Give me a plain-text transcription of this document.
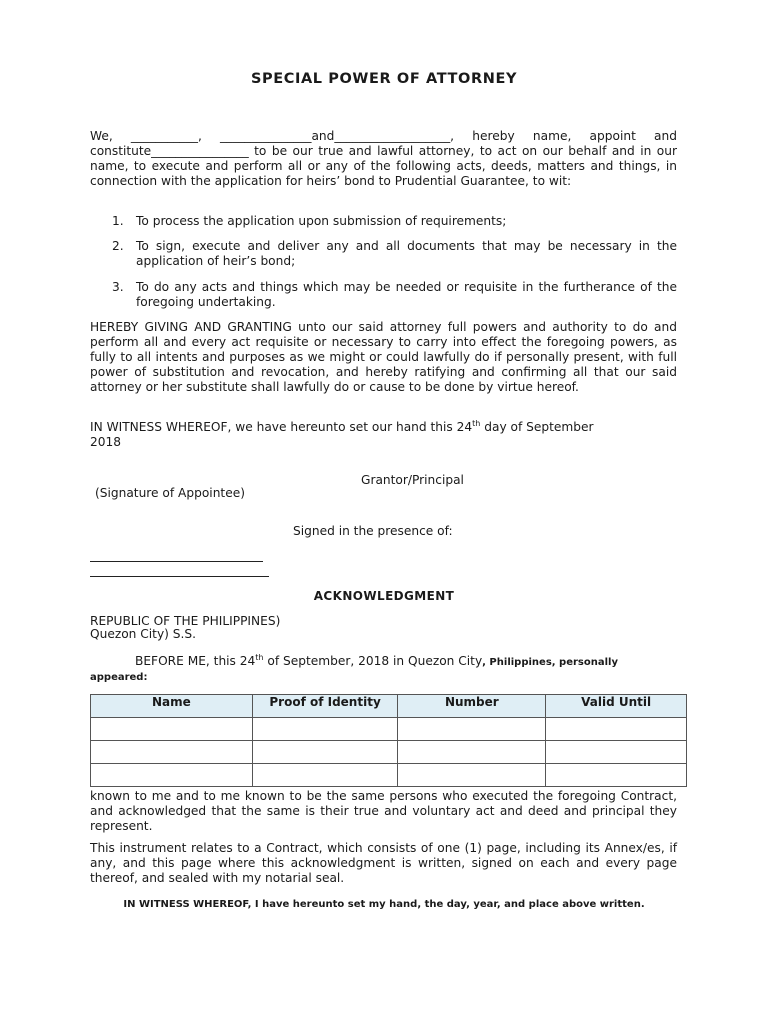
SPECIAL POWER OF ATTORNEY
We, ___________, _______________and___________________, hereby name, appoint and constitute________________ to be our true and lawful attorney, to act on our behalf and in our name, to execute and perform all or any of the following acts, deeds, matters and things, in connection with the application for heirs’ bond to Prudential Guarantee, to wit:
1. To process the application upon submission of requirements;
2. To sign, execute and deliver any and all documents that may be necessary in the application of heir’s bond;
3. To do any acts and things which may be needed or requisite in the furtherance of the foregoing undertaking.
HEREBY GIVING AND GRANTING unto our said attorney full powers and authority to do and perform all and every act requisite or necessary to carry into effect the foregoing powers, as fully to all intents and purposes as we might or could lawfully do if personally present, with full power of substitution and revocation, and hereby ratifying and confirming all that our said attorney or her substitute shall lawfully do or cause to be done by virtue hereof.
IN WITNESS WHEREOF, we have hereunto set our hand this 24th day of September
2018
Grantor/Principal
(Signature of Appointee)
Signed in the presence of:
ACKNOWLEDGMENT
REPUBLIC OF THE PHILIPPINES)
Quezon City) S.S.
BEFORE ME, this 24th of September, 2018 in Quezon City, Philippines, personally
appeared:
Name	Proof of Identity	Number	Valid Until

known to me and to me known to be the same persons who executed the foregoing Contract, and acknowledged that the same is their true and voluntary act and deed and principal they represent.
This instrument relates to a Contract, which consists of one (1) page, including its Annex/es, if any, and this page where this acknowledgment is written, signed on each and every page thereof, and sealed with my notarial seal.
IN WITNESS WHEREOF, I have hereunto set my hand, the day, year, and place above written.
